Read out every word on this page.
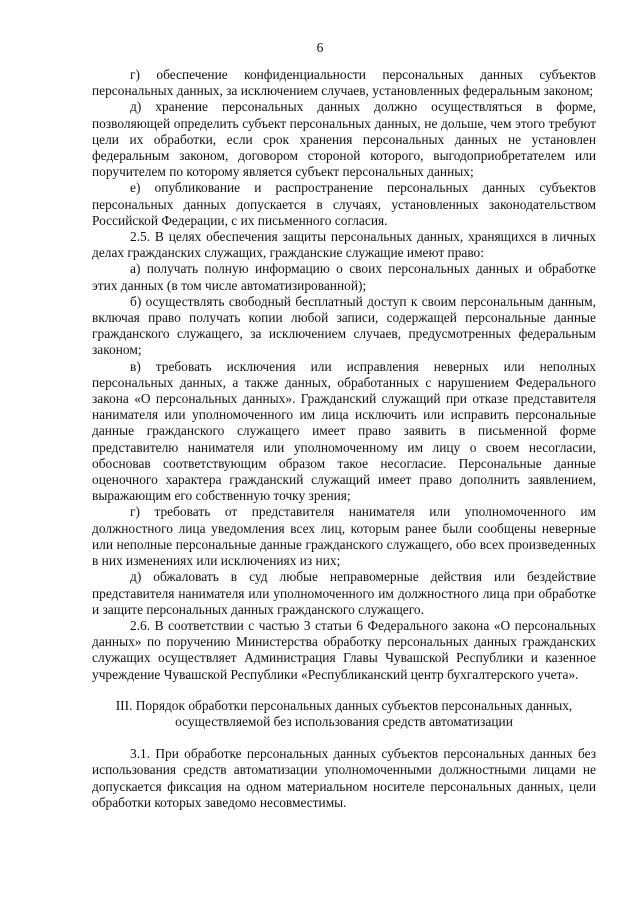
6

г) обеспечение конфиденциальности персональных данных субъектов персональных данных, за исключением случаев, установленных федеральным законом;

д) хранение персональных данных должно осуществляться в форме, позволяющей определить субъект персональных данных, не дольше, чем этого требуют цели их обработки, если срок хранения персональных данных не установлен федеральным законом, договором стороной которого, выгодоприобретателем или поручителем по которому является субъект персональных данных;

е) опубликование и распространение персональных данных субъектов персональных данных допускается в случаях, установленных законодательством Российской Федерации, с их письменного согласия.

2.5. В целях обеспечения защиты персональных данных, хранящихся в личных делах гражданских служащих, гражданские служащие имеют право:

а) получать полную информацию о своих персональных данных и обработке этих данных (в том числе автоматизированной);

б) осуществлять свободный бесплатный доступ к своим персональным данным, включая право получать копии любой записи, содержащей персональные данные гражданского служащего, за исключением случаев, предусмотренных федеральным законом;

в) требовать исключения или исправления неверных или неполных персональных данных, а также данных, обработанных с нарушением Федерального закона «О персональных данных». Гражданский служащий при отказе представителя нанимателя или уполномоченного им лица исключить или исправить персональные данные гражданского служащего имеет право заявить в письменной форме представителю нанимателя или уполномоченному им лицу о своем несогласии, обосновав соответствующим образом такое несогласие. Персональные данные оценочного характера гражданский служащий имеет право дополнить заявлением, выражающим его собственную точку зрения;

г) требовать от представителя нанимателя или уполномоченного им должностного лица уведомления всех лиц, которым ранее были сообщены неверные или неполные персональные данные гражданского служащего, обо всех произведенных в них изменениях или исключениях из них;

д) обжаловать в суд любые неправомерные действия или бездействие представителя нанимателя или уполномоченного им должностного лица при обработке и защите персональных данных гражданского служащего.

2.6. В соответствии с частью 3 статьи 6 Федерального закона «О персональных данных» по поручению Министерства обработку персональных данных гражданских служащих осуществляет Администрация Главы Чувашской Республики и казенное учреждение Чувашской Республики «Республиканский центр бухгалтерского учета».

III. Порядок обработки персональных данных субъектов персональных данных,
осуществляемой без использования средств автоматизации

3.1. При обработке персональных данных субъектов персональных данных без использования средств автоматизации уполномоченными должностными лицами не допускается фиксация на одном материальном носителе персональных данных, цели обработки которых заведомо несовместимы.
